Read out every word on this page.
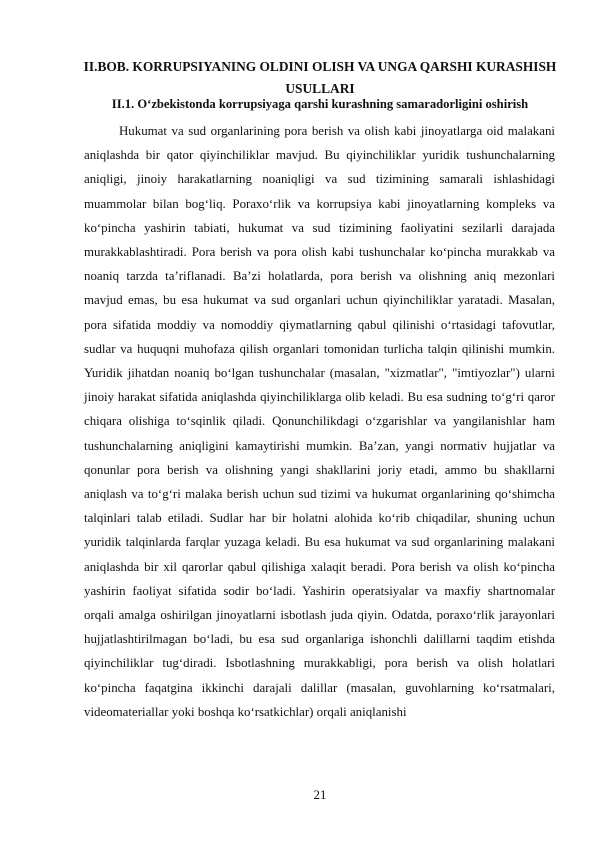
II.BOB. KORRUPSIYANING OLDINI OLISH VA UNGA QARSHI KURASHISH USULLARI
II.1. O‘zbekistonda korrupsiyaga qarshi kurashning samaradorligini oshirish

Hukumat va sud organlarining pora berish va olish kabi jinoyatlarga oid malakani aniqlashda bir qator qiyinchiliklar mavjud. Bu qiyinchiliklar yuridik tushunchalarning aniqligi, jinoiy harakatlarning noaniqligi va sud tizimining samarali ishlashidagi muammolar bilan bog‘liq. Poraxo‘rlik va korrupsiya kabi jinoyatlarning kompleks va ko‘pincha yashirin tabiati, hukumat va sud tizimining faoliyatini sezilarli darajada murakkablashtiradi. Pora berish va pora olish kabi tushunchalar ko‘pincha murakkab va noaniq tarzda ta’riflanadi. Ba’zi holatlarda, pora berish va olishning aniq mezonlari mavjud emas, bu esa hukumat va sud organlari uchun qiyinchiliklar yaratadi. Masalan, pora sifatida moddiy va nomoddiy qiymatlarning qabul qilinishi o‘rtasidagi tafovutlar, sudlar va huquqni muhofaza qilish organlari tomonidan turlicha talqin qilinishi mumkin. Yuridik jihatdan noaniq bo‘lgan tushunchalar (masalan, "xizmatlar", "imtiyozlar") ularni jinoiy harakat sifatida aniqlashda qiyinchiliklarga olib keladi. Bu esa sudning to‘g‘ri qaror chiqara olishiga to‘sqinlik qiladi. Qonunchilikdagi o‘zgarishlar va yangilanishlar ham tushunchalarning aniqligini kamaytirishi mumkin. Ba’zan, yangi normativ hujjatlar va qonunlar pora berish va olishning yangi shakllarini joriy etadi, ammo bu shakllarni aniqlash va to‘g‘ri malaka berish uchun sud tizimi va hukumat organlarining qo‘shimcha talqinlari talab etiladi. Sudlar har bir holatni alohida ko‘rib chiqadilar, shuning uchun yuridik talqinlarda farqlar yuzaga keladi. Bu esa hukumat va sud organlarining malakani aniqlashda bir xil qarorlar qabul qilishiga xalaqit beradi. Pora berish va olish ko‘pincha yashirin faoliyat sifatida sodir bo‘ladi. Yashirin operatsiyalar va maxfiy shartnomalar orqali amalga oshirilgan jinoyatlarni isbotlash juda qiyin. Odatda, poraxo‘rlik jarayonlari hujjatlashtirilmagan bo‘ladi, bu esa sud organlariga ishonchli dalillarni taqdim etishda qiyinchiliklar tug‘diradi. Isbotlashning murakkabligi, pora berish va olish holatlari ko‘pincha faqatgina ikkinchi darajali dalillar (masalan, guvohlarning ko‘rsatmalari, videomateriallar yoki boshqa ko‘rsatkichlar) orqali aniqlanishi

21
